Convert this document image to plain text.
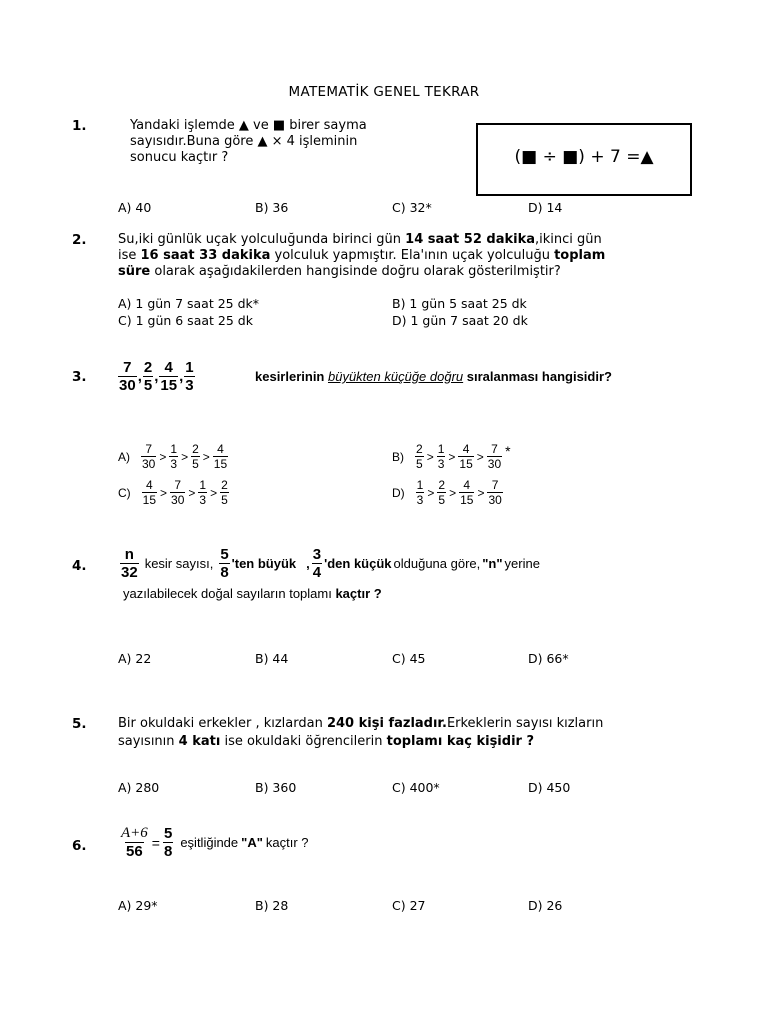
MATEMATİK GENEL TEKRAR
1.	Yandaki işlemde ▲ ve ■ birer sayma
sayısıdır.Buna göre ▲ × 4 işleminin
sonucu kaçtır ?	(■ ÷ ■) + 7 =▲
A) 40	B) 36	C) 32*	D) 14
2. Su,iki günlük uçak yolculuğunda birinci gün 14 saat 52 dakika,ikinci gün
ise 16 saat 33 dakika yolculuk yapmıştır. Ela'ının uçak yolculuğu toplam
süre olarak aşağıdakilerden hangisinde doğru olarak gösterilmiştir?
A) 1 gün 7 saat 25 dk*	B) 1 gün 5 saat 25 dk
C) 1 gün 6 saat 25 dk	D) 1 gün 7 saat 20 dk
3. $\frac{7}{30}$ , $\frac{2}{5}$ , $\frac{4}{15}$ , $\frac{1}{3}$	kesirlerinin büyükten küçüğe doğru sıralanması hangisidir?
$A) \frac{7}{30} > \frac{1}{3} > \frac{2}{5} > \frac{4}{15}$	$B) \frac{2}{5} > \frac{1}{3} > \frac{4}{15} > \frac{7}{30}$ *
$C) \frac{4}{15} > \frac{7}{30} > \frac{1}{3} > \frac{2}{5}$	$D) \frac{1}{3} > \frac{2}{5} > \frac{4}{15} > \frac{7}{30}$
4. $\frac{n}{32}$ kesir sayısı, $\frac{5}{8}$ 'ten büyük , $\frac{3}{4}$ 'den küçük olduğuna göre, "n" yerine
yazılabilecek doğal sayıların toplamı kaçtır ?
A) 22	B) 44	C) 45	D) 66*
5. Bir okuldaki erkekler , kızlardan 240 kişi fazladır.Erkeklerin sayısı kızların
sayısının 4 katı ise okuldaki öğrencilerin toplamı kaç kişidir ?
A) 280	B) 360	C) 400*	D) 450
6. $\frac{A+6}{56} = \frac{5}{8}$ eşitliğinde "A" kaçtır ?
A) 29*	B) 28	C) 27	D) 26
